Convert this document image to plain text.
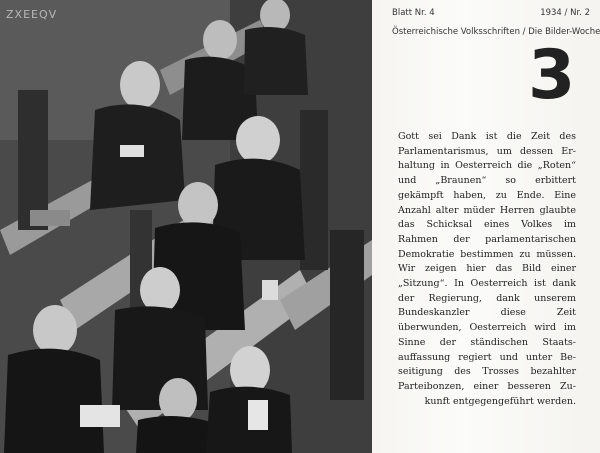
ZXEEQV	Blatt Nr. 4	1934 / Nr. 2
Österreichische Volksschriften / Die Bilder-Woche
3
Gott sei Dank ist die Zeit des Parlamentarismus, um dessen Erhaltung in Oesterreich die „Roten“ und „Braunen“ so erbittert gekämpft haben, zu Ende. Eine Anzahl alter müder Herren glaubte das Schicksal eines Volkes im Rahmen der parlamentarischen Demokratie bestimmen zu müssen. Wir zeigen hier das Bild einer „Sitzung“. In Oesterreich ist dank der Regierung, dank unserem Bundeskanzler diese Zeit überwunden, Oesterreich wird im Sinne der ständischen Staatsauffassung regiert und unter Beseitigung des Trosses bezahlter Parteibonzen, einer besseren Zukunft entgegengeführt werden.
